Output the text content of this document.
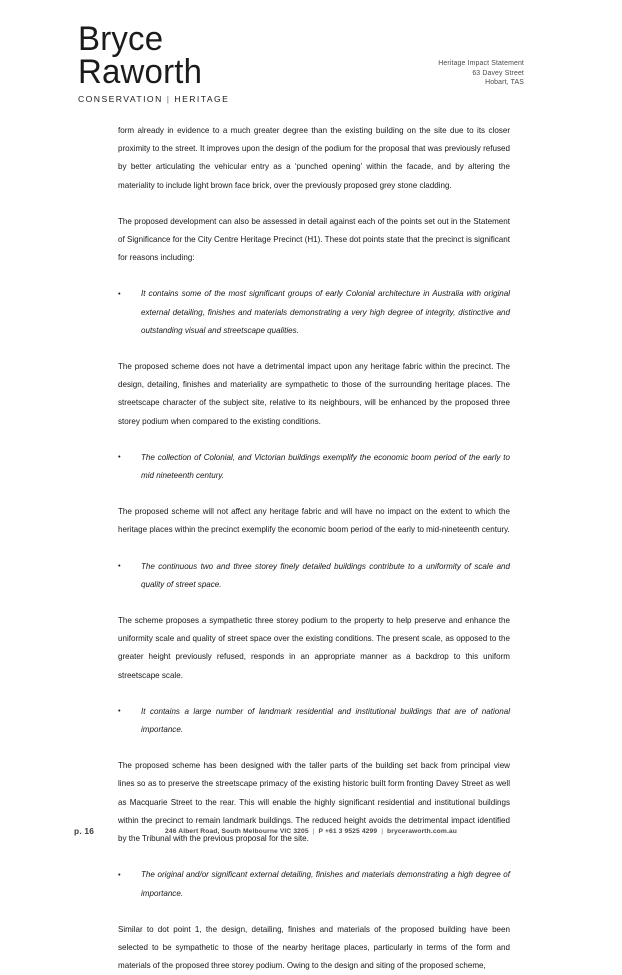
Bryce
Raworth
CONSERVATION | HERITAGE
Heritage Impact Statement
63 Davey Street
Hobart, TAS

form already in evidence to a much greater degree than the existing building on the site due to its closer proximity to the street. It improves upon the design of the podium for the proposal that was previously refused by better articulating the vehicular entry as a ‘punched opening’ within the facade, and by altering the materiality to include light brown face brick, over the previously proposed grey stone cladding.

The proposed development can also be assessed in detail against each of the points set out in the Statement of Significance for the City Centre Heritage Precinct (H1). These dot points state that the precinct is significant for reasons including:

• It contains some of the most significant groups of early Colonial architecture in Australia with original external detailing, finishes and materials demonstrating a very high degree of integrity, distinctive and outstanding visual and streetscape qualities.

The proposed scheme does not have a detrimental impact upon any heritage fabric within the precinct. The design, detailing, finishes and materiality are sympathetic to those of the surrounding heritage places. The streetscape character of the subject site, relative to its neighbours, will be enhanced by the proposed three storey podium when compared to the existing conditions.

• The collection of Colonial, and Victorian buildings exemplify the economic boom period of the early to mid nineteenth century.

The proposed scheme will not affect any heritage fabric and will have no impact on the extent to which the heritage places within the precinct exemplify the economic boom period of the early to mid-nineteenth century.

• The continuous two and three storey finely detailed buildings contribute to a uniformity of scale and quality of street space.

The scheme proposes a sympathetic three storey podium to the property to help preserve and enhance the uniformity scale and quality of street space over the existing conditions. The present scale, as opposed to the greater height previously refused, responds in an appropriate manner as a backdrop to this uniform streetscape scale.

• It contains a large number of landmark residential and institutional buildings that are of national importance.

The proposed scheme has been designed with the taller parts of the building set back from principal view lines so as to preserve the streetscape primacy of the existing historic built form fronting Davey Street as well as Macquarie Street to the rear. This will enable the highly significant residential and institutional buildings within the precinct to remain landmark buildings. The reduced height avoids the detrimental impact identified by the Tribunal with the previous proposal for the site.

• The original and/or significant external detailing, finishes and materials demonstrating a high degree of importance.

Similar to dot point 1, the design, detailing, finishes and materials of the proposed building have been selected to be sympathetic to those of the nearby heritage places, particularly in terms of the form and materials of the proposed three storey podium. Owing to the design and siting of the proposed scheme,

p. 16	246 Albert Road, South Melbourne VIC 3205 | P +61 3 9525 4299 | bryceraworth.com.au
